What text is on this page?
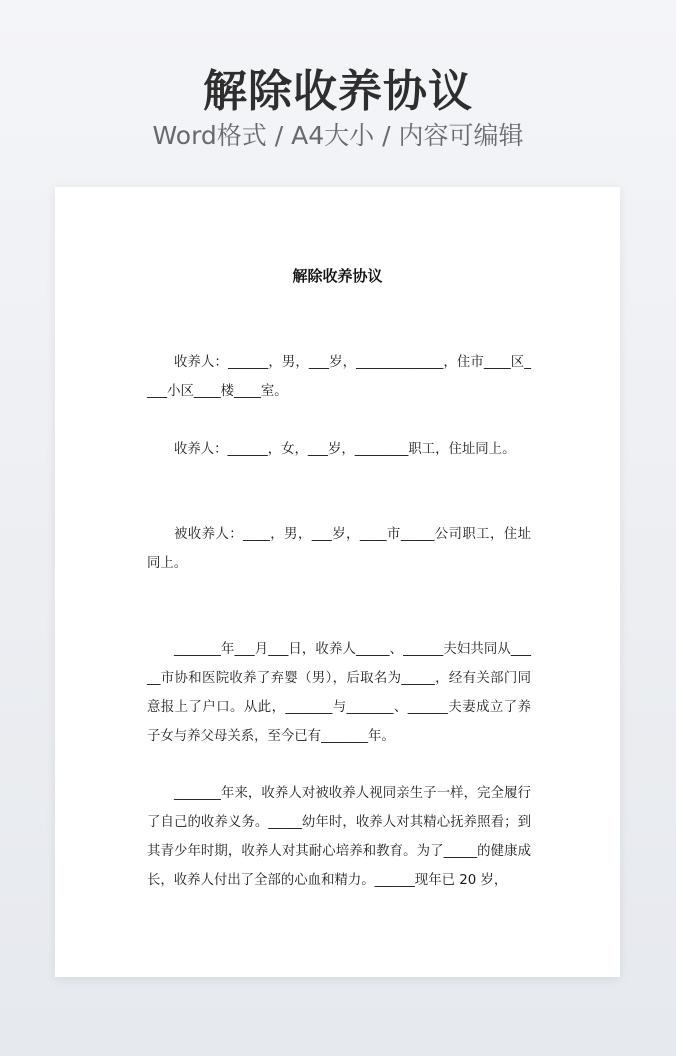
解除收养协议
Word格式 / A4大小 / 内容可编辑
解除收养协议

收养人：______，男，___岁，_____________，住市____区____小区____楼____室。

收养人：______，女，___岁，________职工，住址同上。

被收养人：____，男，___岁，____市_____公司职工，住址同上。

_______年___月___日，收养人_____、______夫妇共同从_____市协和医院收养了弃婴（男），后取名为_____，经有关部门同意报上了户口。从此，_______与_______、______夫妻成立了养子女与养父母关系，至今已有_______年。

_______年来，收养人对被收养人视同亲生子一样，完全履行了自己的收养义务。_____幼年时，收养人对其精心抚养照看；到其青少年时期，收养人对其耐心培养和教育。为了_____的健康成长，收养人付出了全部的心血和精力。______现年已 20 岁，
